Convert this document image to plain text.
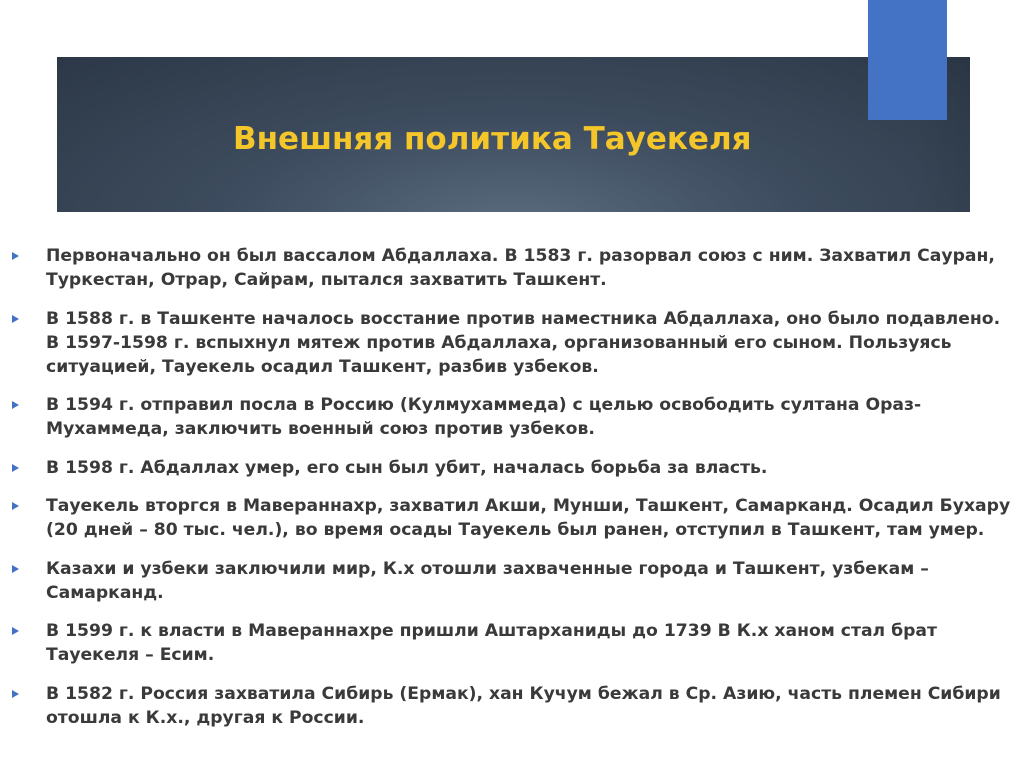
Внешняя политика Тауекеля
Первоначально он был вассалом Абдаллаха. В 1583 г. разорвал союз с ним. Захватил Сауран, Туркестан, Отрар, Сайрам, пытался захватить Ташкент.
В 1588 г. в Ташкенте началось восстание против наместника Абдаллаха, оно было подавлено. В 1597-1598 г. вспыхнул мятеж против Абдаллаха, организованный его сыном. Пользуясь ситуацией, Тауекель осадил Ташкент, разбив узбеков.
В 1594 г. отправил посла в Россию (Кулмухаммеда) с целью освободить султана Ораз-Мухаммеда, заключить военный союз против узбеков.
В 1598 г. Абдаллах умер, его сын был убит, началась борьба за власть.
Тауекель вторгся в Мавераннахр, захватил Акши, Мунши, Ташкент, Самарканд. Осадил Бухару (20 дней – 80 тыс. чел.), во время осады Тауекель был ранен, отступил в Ташкент, там умер.
Казахи и узбеки заключили мир, К.х отошли захваченные города и Ташкент, узбекам – Самарканд.
В 1599 г. к власти в Мавераннахре пришли Аштарханиды до 1739 В К.х ханом стал брат Тауекеля – Есим.
В 1582 г. Россия захватила Сибирь (Ермак), хан Кучум бежал в Ср. Азию, часть племен Сибири отошла к К.х., другая к России.
